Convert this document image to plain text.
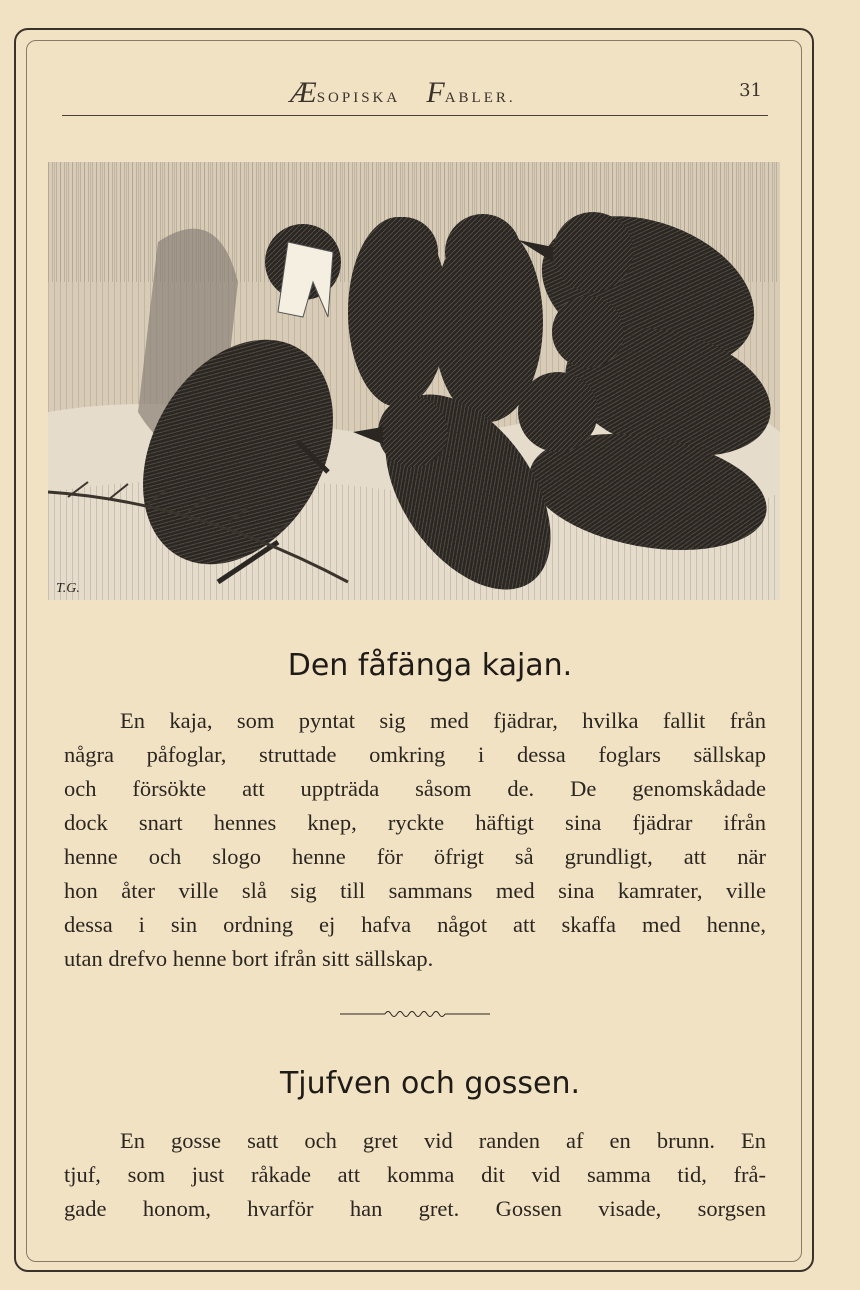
ÆSOPISKA FABLER.	31
T.G.
Den fåfänga kajan.

En kaja, som pyntat sig med fjädrar, hvilka fallit från
några påfoglar, struttade omkring i dessa foglars sällskap
och försökte att uppträda såsom de. De genomskådade
dock snart hennes knep, ryckte häftigt sina fjädrar ifrån
henne och slogo henne för öfrigt så grundligt, att när
hon åter ville slå sig till sammans med sina kamrater, ville
dessa i sin ordning ej hafva något att skaffa med henne,
utan drefvo henne bort ifrån sitt sällskap.

Tjufven och gossen.

En gosse satt och gret vid randen af en brunn. En
tjuf, som just råkade att komma dit vid samma tid, frå-
gade honom, hvarför han gret. Gossen visade, sorgsen
